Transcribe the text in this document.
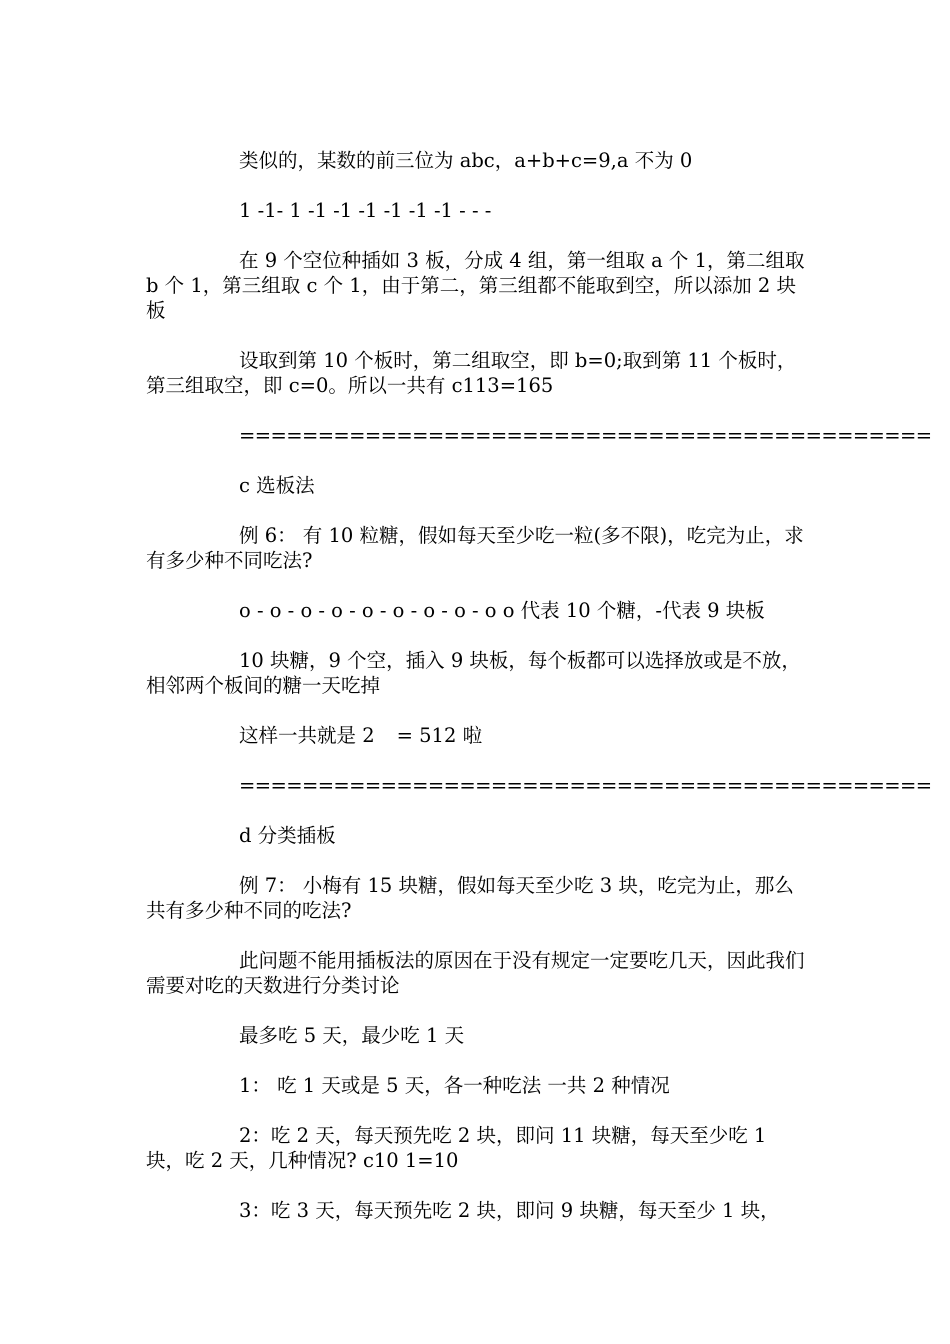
类似的，某数的前三位为 abc，a+b+c=9,a 不为 0

1 -1- 1 -1 -1 -1 -1 -1 -1 - - -

在 9 个空位种插如 3 板，分成 4 组，第一组取 a 个 1，第二组取 b 个 1，第三组取 c 个 1，由于第二，第三组都不能取到空，所以添加 2 块板

设取到第 10 个板时，第二组取空，即 b=0;取到第 11 个板时，第三组取空，即 c=0。所以一共有 c113=165

============================================

c 选板法

例 6： 有 10 粒糖，假如每天至少吃一粒(多不限)，吃完为止，求有多少种不同吃法?

o - o - o - o - o - o - o - o - o o 代表 10 个糖，-代表 9 块板

10 块糖，9 个空，插入 9 块板，每个板都可以选择放或是不放，相邻两个板间的糖一天吃掉

这样一共就是 2 = 512 啦

============================================

d 分类插板

例 7： 小梅有 15 块糖，假如每天至少吃 3 块，吃完为止，那么共有多少种不同的吃法?

此问题不能用插板法的原因在于没有规定一定要吃几天，因此我们需要对吃的天数进行分类讨论

最多吃 5 天，最少吃 1 天

1： 吃 1 天或是 5 天，各一种吃法 一共 2 种情况

2：吃 2 天，每天预先吃 2 块，即问 11 块糖，每天至少吃 1 块，吃 2 天，几种情况? c10 1=10

3：吃 3 天，每天预先吃 2 块，即问 9 块糖，每天至少 1 块，
